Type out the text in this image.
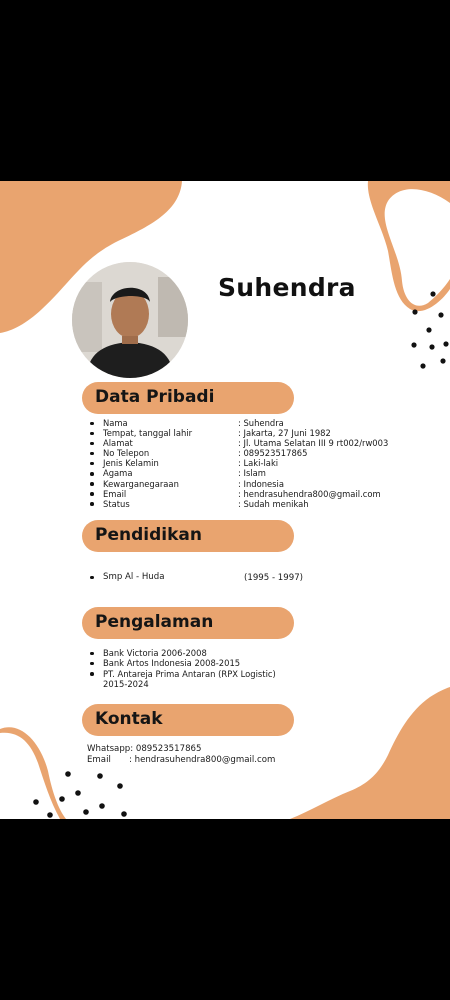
Suhendra
Data Pribadi
Nama	: Suhendra
Tempat, tanggal lahir	: Jakarta, 27 Juni 1982
Alamat	: Jl. Utama Selatan III 9 rt002/rw003
No Telepon	: 089523517865
Jenis Kelamin	: Laki-laki
Agama	: Islam
Kewarganegaraan	: Indonesia
Email	: hendrasuhendra800@gmail.com
Status	: Sudah menikah
Pendidikan
Smp Al - Huda	(1995 - 1997)
Pengalaman
Bank Victoria 2006-2008
Bank Artos Indonesia 2008-2015
PT. Antareja Prima Antaran (RPX Logistic)
2015-2024
Kontak
Whatsapp: 089523517865
Email : hendrasuhendra800@gmail.com
